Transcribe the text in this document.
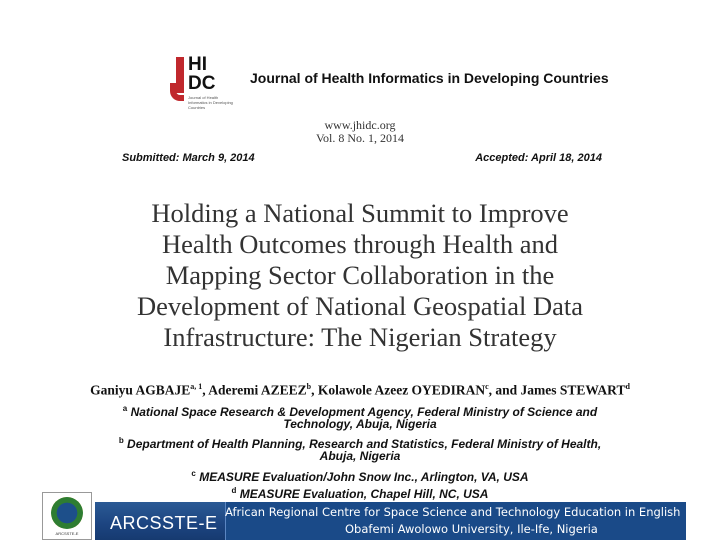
HI
DC
Journal of Health Informatics in Developing Countries
Journal of Health Informatics in Developing Countries
www.jhidc.org
Vol. 8 No. 1, 2014
Submitted: March 9, 2014	Accepted: April 18, 2014
Holding a National Summit to Improve
Health Outcomes through Health and
Mapping Sector Collaboration in the
Development of National Geospatial Data
Infrastructure: The Nigerian Strategy
Ganiyu AGBAJE$^{a, 1}$, Aderemi AZEEZ$^b$, Kolawole Azeez OYEDIRAN$^c$, and James STEWART$^d$
$^a$ National Space Research & Development Agency, Federal Ministry of Science and
Technology, Abuja, Nigeria
$^b$ Department of Health Planning, Research and Statistics, Federal Ministry of Health,
Abuja, Nigeria
$^c$ MEASURE Evaluation/John Snow Inc., Arlington, VA, USA
$^d$ MEASURE Evaluation, Chapel Hill, NC, USA
ARCSSTE-E
ARCSSTE-E
African Regional Centre for Space Science and Technology Education in English
Obafemi Awolowo University, Ile-Ife, Nigeria
